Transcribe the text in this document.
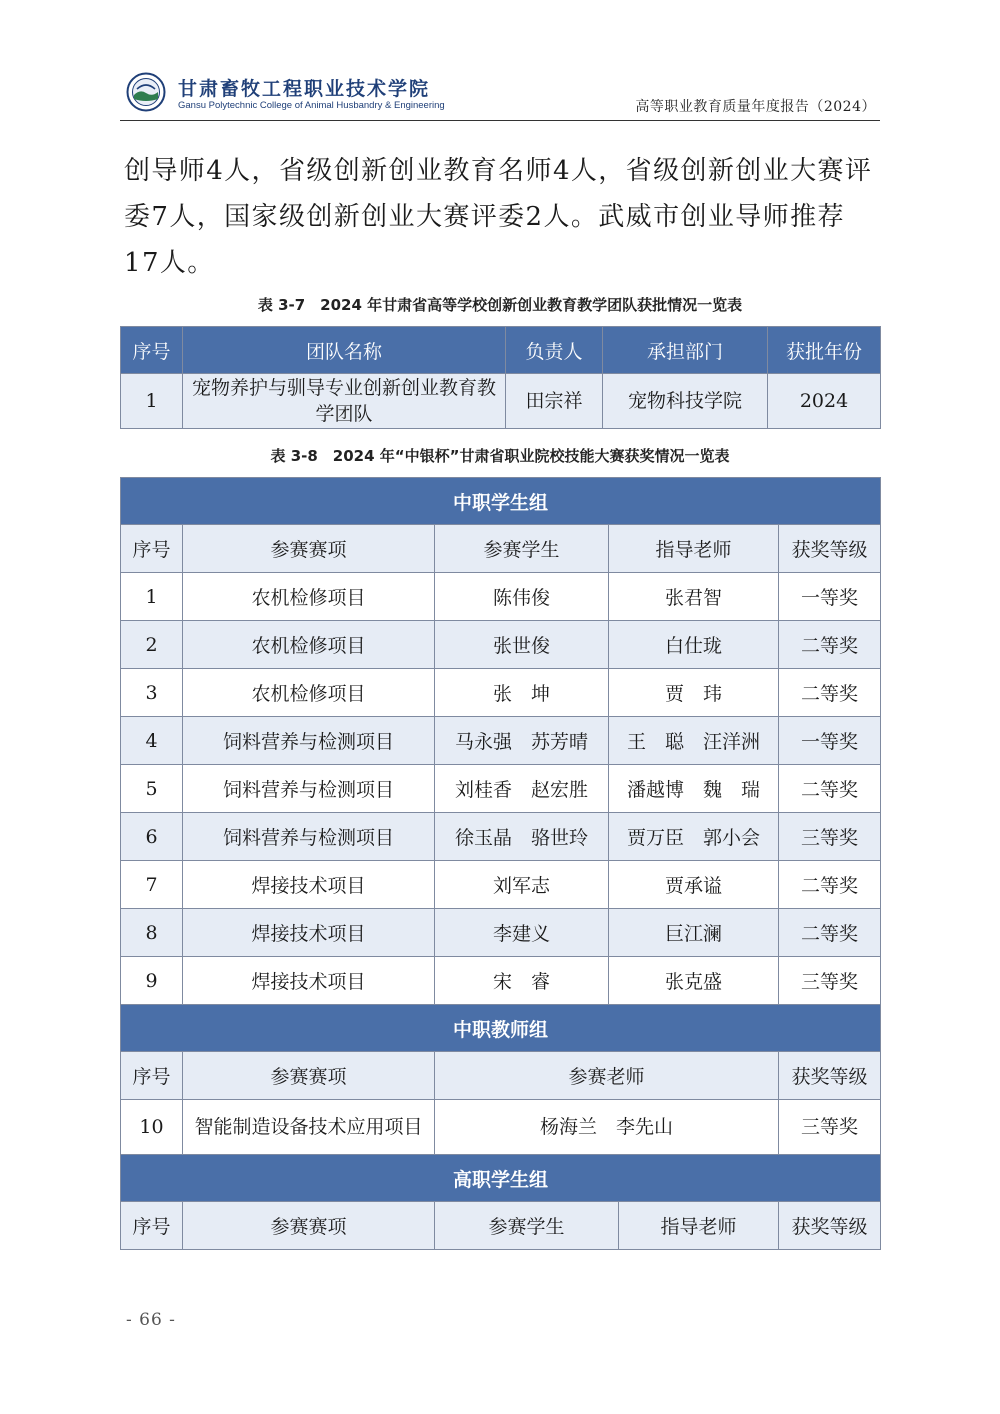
甘肃畜牧工程职业技术学院
Gansu Polytechnic College of Animal Husbandry & Engineering	高等职业教育质量年度报告（2024）
创导师4人，省级创新创业教育名师4人，省级创新创业大赛评委7人，国家级创新创业大赛评委2人。武威市创业导师推荐17人。
表 3-7　2024 年甘肃省高等学校创新创业教育教学团队获批情况一览表
序号	团队名称	负责人	承担部门	获批年份
1	宠物养护与驯导专业创新创业教育教学团队	田宗祥	宠物科技学院	2024
表 3-8　2024 年“中银杯”甘肃省职业院校技能大赛获奖情况一览表
中职学生组					
序号	参赛赛项	参赛学生	指导老师		获奖等级
1	农机检修项目	陈伟俊	张君智		一等奖
2	农机检修项目	张世俊	白仕珑		二等奖
3	农机检修项目	张　坤	贾　玮		二等奖
4	饲料营养与检测项目	马永强　苏芳晴	王　聪　汪洋洲		一等奖
5	饲料营养与检测项目	刘桂香　赵宏胜	潘越博　魏　瑞		二等奖
6	饲料营养与检测项目	徐玉晶　骆世玲	贾万臣　郭小会		三等奖
7	焊接技术项目	刘军志	贾承谥		二等奖
8	焊接技术项目	李建义	巨江澜		二等奖
9	焊接技术项目	宋　睿	张克盛		三等奖
中职教师组					
序号	参赛赛项	参赛老师			获奖等级
10	智能制造设备技术应用项目	杨海兰　李先山			三等奖
高职学生组					
序号	参赛赛项	参赛学生		指导老师	获奖等级
- 66 -
